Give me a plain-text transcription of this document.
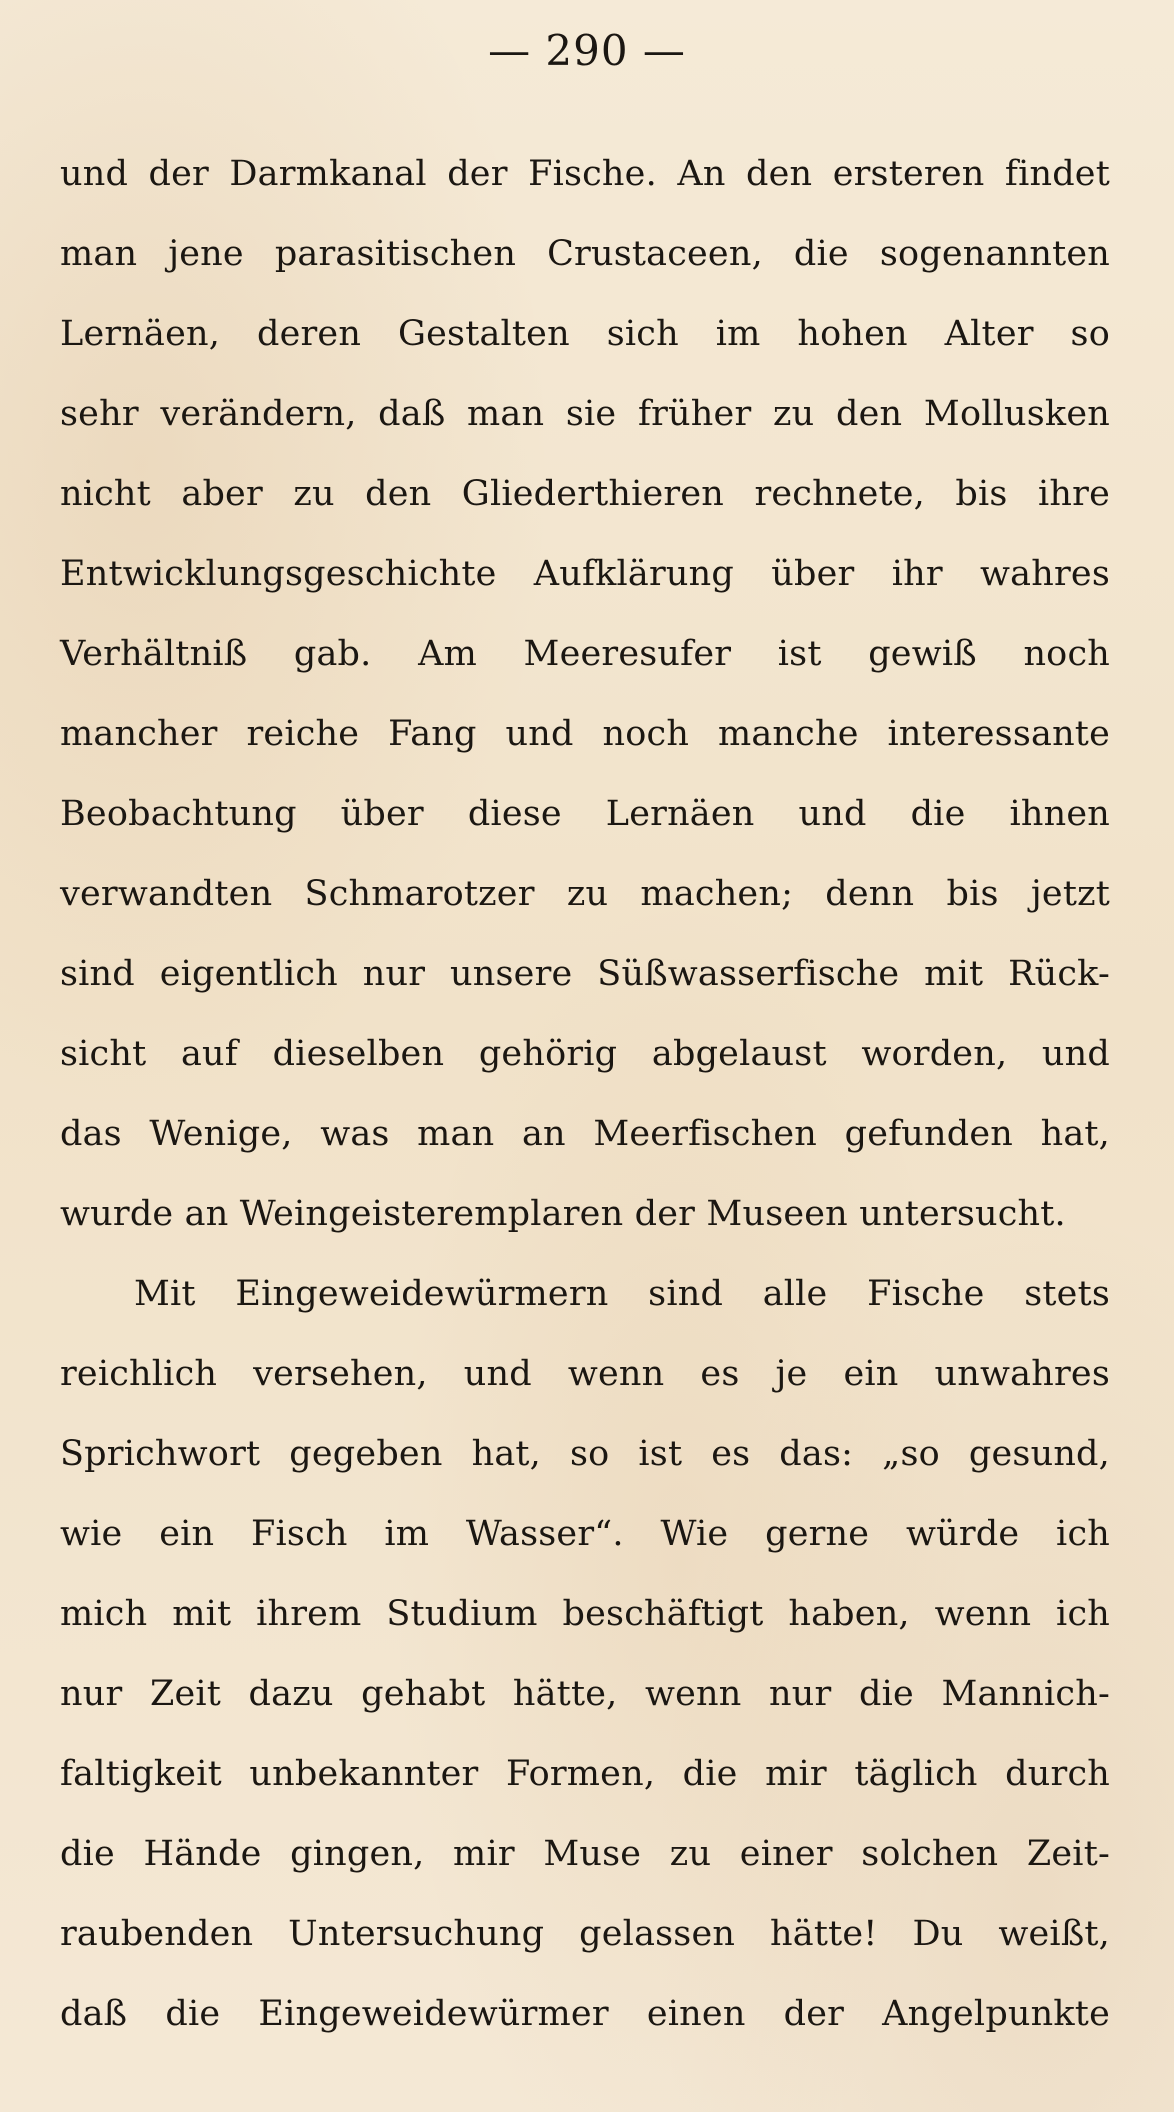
— 290 —
und der Darmkanal der Fische. An den ersteren findet
man jene parasitischen Crustaceen, die sogenannten
Lernäen, deren Gestalten sich im hohen Alter so
sehr verändern, daß man sie früher zu den Mollusken
nicht aber zu den Gliederthieren rechnete, bis ihre
Entwicklungsgeschichte Aufklärung über ihr wahres
Verhältniß gab. Am Meeresufer ist gewiß noch
mancher reiche Fang und noch manche interessante
Beobachtung über diese Lernäen und die ihnen
verwandten Schmarotzer zu machen; denn bis jetzt
sind eigentlich nur unsere Süßwasserfische mit Rück-
sicht auf dieselben gehörig abgelaust worden, und
das Wenige, was man an Meerfischen gefunden hat,
wurde an Weingeisteremplaren der Museen untersucht.
Mit Eingeweidewürmern sind alle Fische stets
reichlich versehen, und wenn es je ein unwahres
Sprichwort gegeben hat, so ist es das: „so gesund,
wie ein Fisch im Wasser“. Wie gerne würde ich
mich mit ihrem Studium beschäftigt haben, wenn ich
nur Zeit dazu gehabt hätte, wenn nur die Mannich-
faltigkeit unbekannter Formen, die mir täglich durch
die Hände gingen, mir Muse zu einer solchen Zeit-
raubenden Untersuchung gelassen hätte! Du weißt,
daß die Eingeweidewürmer einen der Angelpunkte
